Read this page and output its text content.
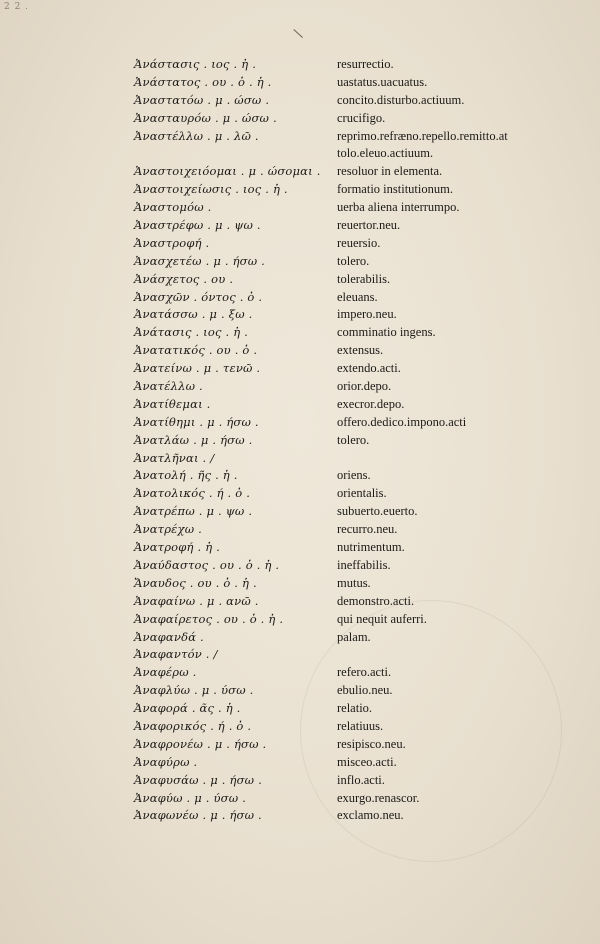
2 2 .
\
Ἀνάστασις . ιος . ἡ .
Ἀνάστατος . ου . ὁ . ἡ .
Ἀναστατόω . μ . ώσω .
Ἀνασταυρόω . μ . ώσω .
Ἀναστέλλω . μ . λῶ .
Ἀναστοιχειόομαι . μ . ώσομαι .
Ἀναστοιχείωσις . ιος . ἡ .
Ἀναστομόω .
Ἀναστρέφω . μ . ψω .
Ἀναστροφή .
Ἀνασχετέω . μ . ήσω .
Ἀνάσχετος . ου .
Ἀνασχῶν . όντος . ὁ .
Ἀνατάσσω . μ . ξω .
Ἀνάτασις . ιος . ἡ .
Ἀνατατικός . ου . ὁ .
Ἀνατείνω . μ . τενῶ .
Ἀνατέλλω .
Ἀνατίθεμαι .
Ἀνατίθημι . μ . ήσω .
Ἀνατλάω . μ . ήσω .
Ἀνατλῆναι . /
Ἀνατολή . ῆς . ἡ .
Ἀνατολικός . ή . ὁ .
Ἀνατρέπω . μ . ψω .
Ἀνατρέχω .
Ἀνατροφή . ἡ .
Ἀναύδαστος . ου . ὁ . ἡ .
Ἄναυδος . ου . ὁ . ἡ .
Ἀναφαίνω . μ . ανῶ .
Ἀναφαίρετος . ου . ὁ . ἡ .
Ἀναφανδά .
Ἀναφαντόν . /
Ἀναφέρω .
Ἀναφλύω . μ . ύσω .
Ἀναφορά . ᾶς . ἡ .
Ἀναφορικός . ή . ὁ .
Ἀναφρονέω . μ . ήσω .
Ἀναφύρω .
Ἀναφυσάω . μ . ήσω .
Ἀναφύω . μ . ύσω .
Ἀναφωνέω . μ . ήσω .
resurrectio.
uastatus.uacuatus.
concito.disturbo.actiuum.
crucifigo.
reprimo.refræno.repello.remitto.at
tolo.eleuo.actiuum.
resoluor in elementa.
formatio institutionum.
uerba aliena interrumpo.
reuertor.neu.
reuersio.
tolero.
tolerabilis.
eleuans.
impero.neu.
comminatio ingens.
extensus.
extendo.acti.
orior.depo.
execror.depo.
offero.dedico.impono.acti
tolero.
oriens.
orientalis.
subuerto.euerto.
recurro.neu.
nutrimentum.
ineffabilis.
mutus.
demonstro.acti.
qui nequit auferri.
palam.
refero.acti.
ebulio.neu.
relatio.
relatiuus.
resipisco.neu.
misceo.acti.
inflo.acti.
exurgo.renascor.
exclamo.neu.
